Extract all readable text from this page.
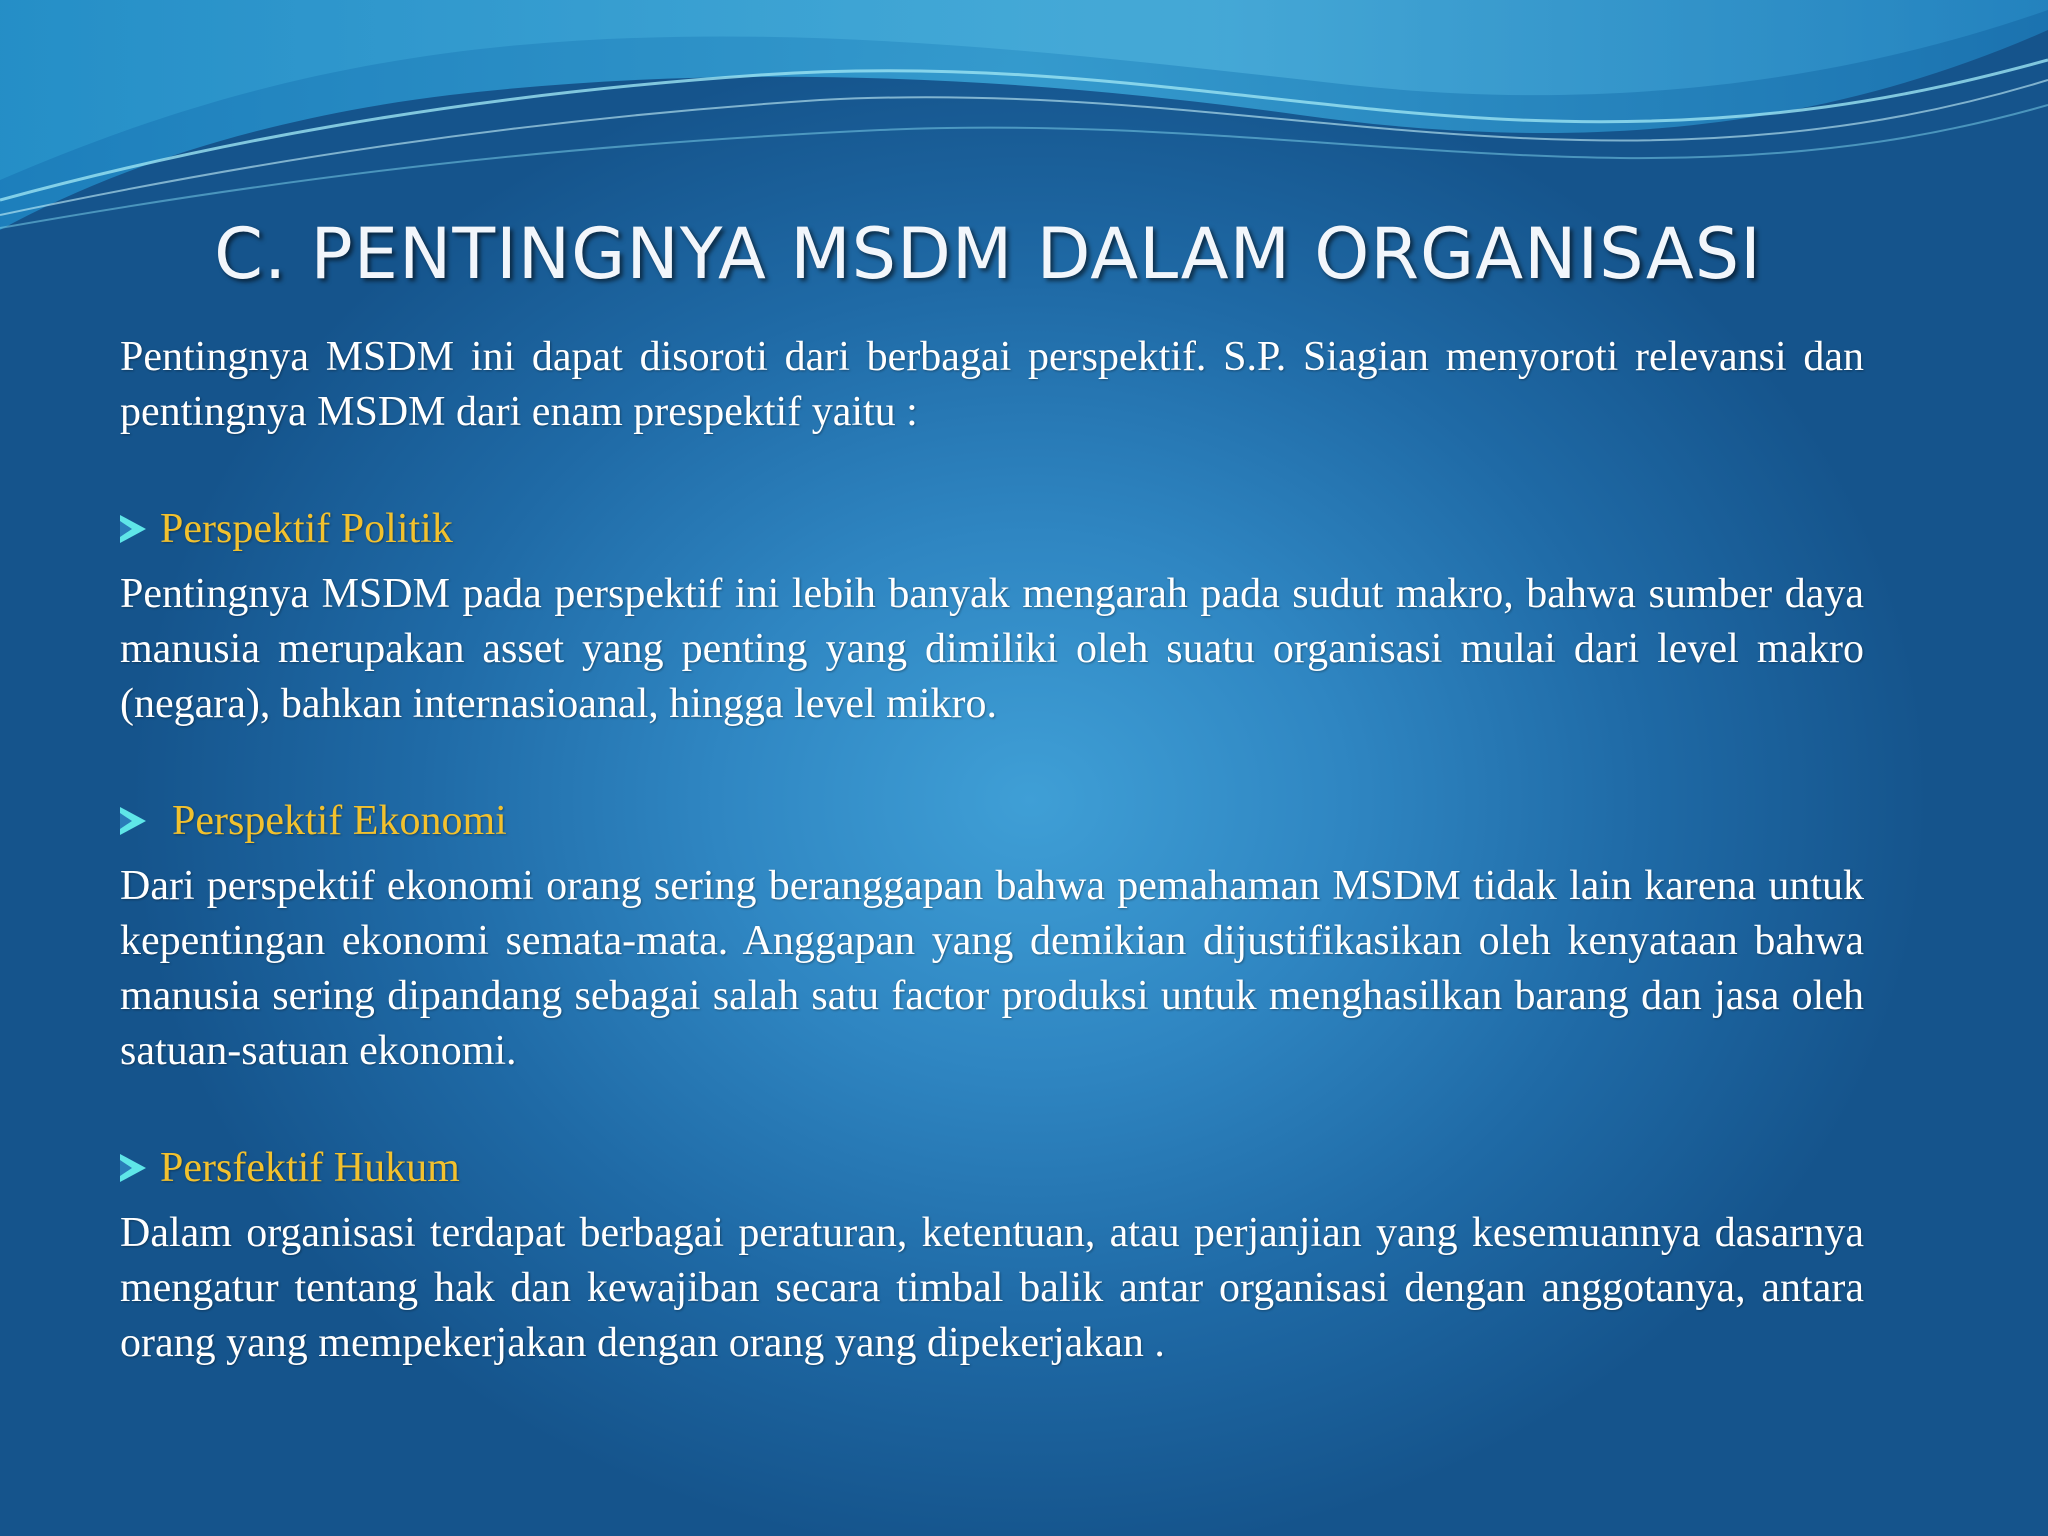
C. PENTINGNYA MSDM DALAM ORGANISASI

Pentingnya MSDM ini dapat disoroti dari berbagai perspektif. S.P. Siagian menyoroti relevansi dan pentingnya MSDM dari enam prespektif yaitu :

Perspektif Politik

Pentingnya MSDM pada perspektif ini lebih banyak mengarah pada sudut makro, bahwa sumber daya manusia merupakan asset yang penting yang dimiliki oleh suatu organisasi mulai dari level makro (negara), bahkan internasioanal, hingga level mikro.

Perspektif Ekonomi

Dari perspektif ekonomi orang sering beranggapan bahwa pemahaman MSDM tidak lain karena untuk kepentingan ekonomi semata-mata. Anggapan yang demikian dijustifikasikan oleh kenyataan bahwa manusia sering dipandang sebagai salah satu factor produksi untuk menghasilkan barang dan jasa oleh satuan-satuan ekonomi.

Persfektif Hukum

Dalam organisasi terdapat berbagai peraturan, ketentuan, atau perjanjian yang kesemuannya dasarnya mengatur tentang hak dan kewajiban secara timbal balik antar organisasi dengan anggotanya, antara orang yang mempekerjakan dengan orang yang dipekerjakan .
